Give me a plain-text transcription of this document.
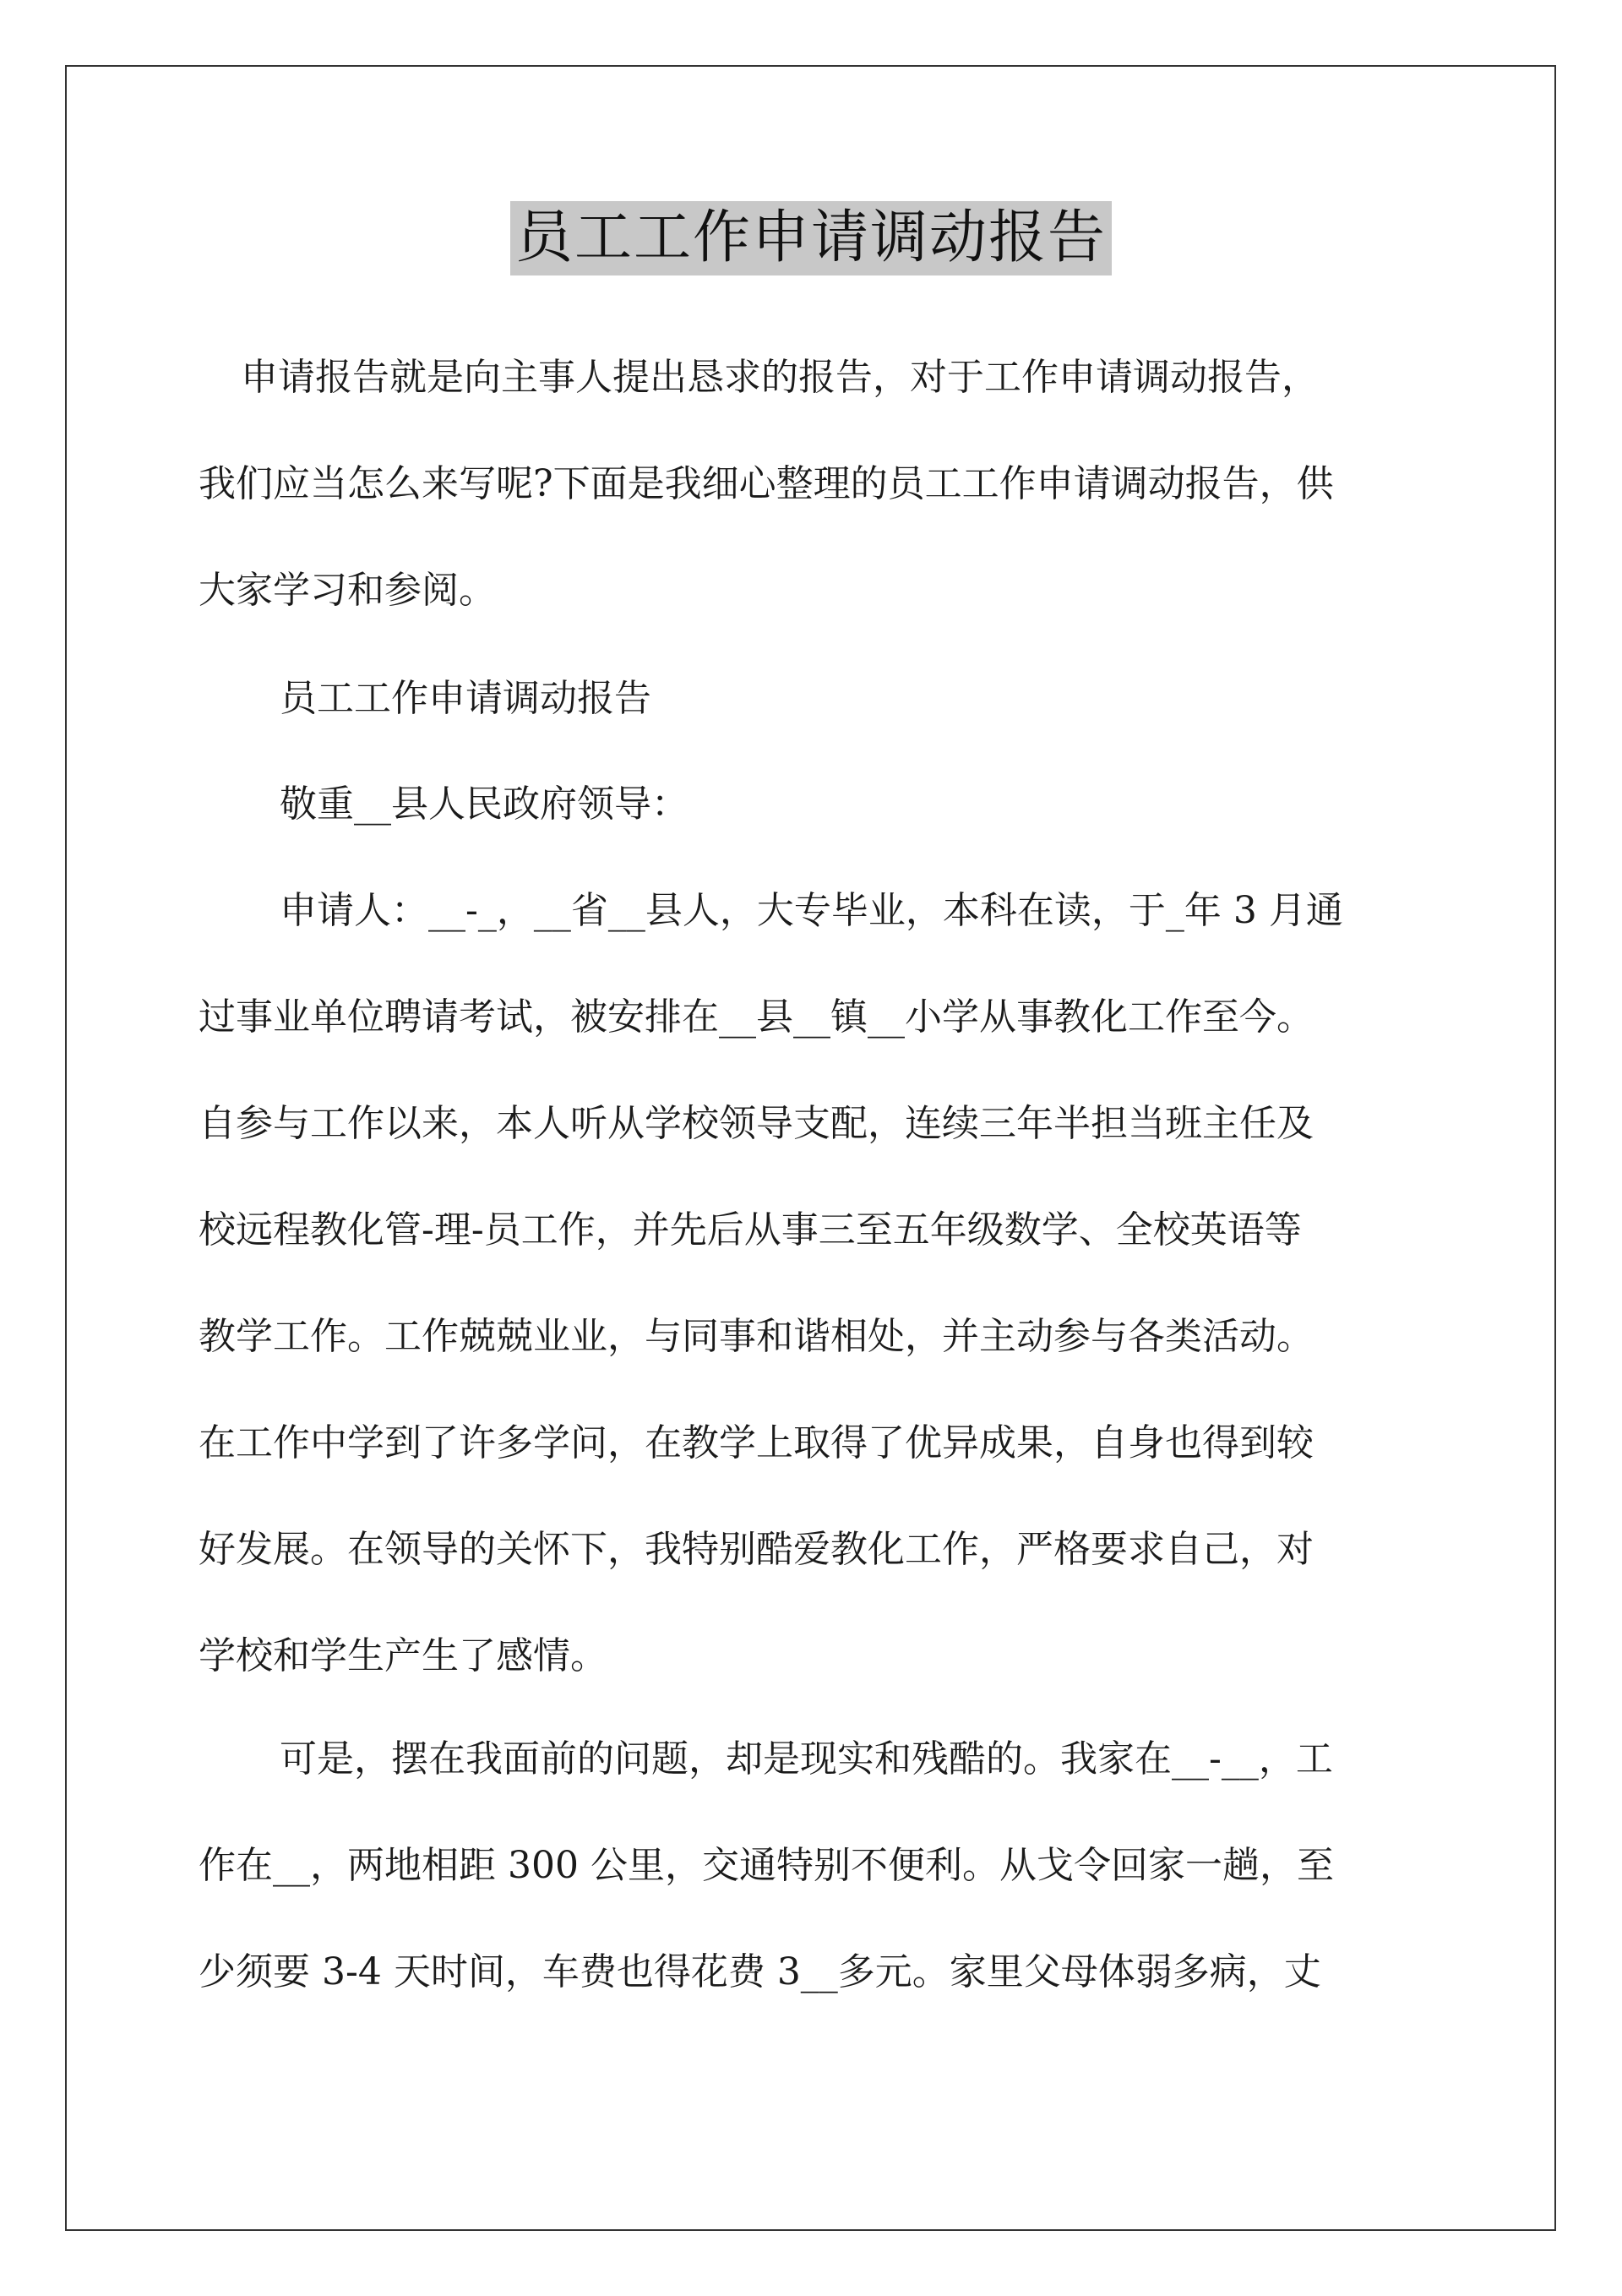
员工工作申请调动报告
申请报告就是向主事人提出恳求的报告，对于工作申请调动报告，
我们应当怎么来写呢?下面是我细心整理的员工工作申请调动报告，供
大家学习和参阅。
员工工作申请调动报告
敬重__县人民政府领导：
申请人：__-_，__省__县人，大专毕业，本科在读，于_年 3 月通
过事业单位聘请考试，被安排在__县__镇__小学从事教化工作至今。
自参与工作以来，本人听从学校领导支配，连续三年半担当班主任及
校远程教化管-理-员工作，并先后从事三至五年级数学、全校英语等
教学工作。工作兢兢业业，与同事和谐相处，并主动参与各类活动。
在工作中学到了许多学问，在教学上取得了优异成果，自身也得到较
好发展。在领导的关怀下，我特别酷爱教化工作，严格要求自己，对
学校和学生产生了感情。
可是，摆在我面前的问题，却是现实和残酷的。我家在__-__，工
作在__，两地相距 300 公里，交通特别不便利。从戈令回家一趟，至
少须要 3-4 天时间，车费也得花费 3__多元。家里父母体弱多病，丈
